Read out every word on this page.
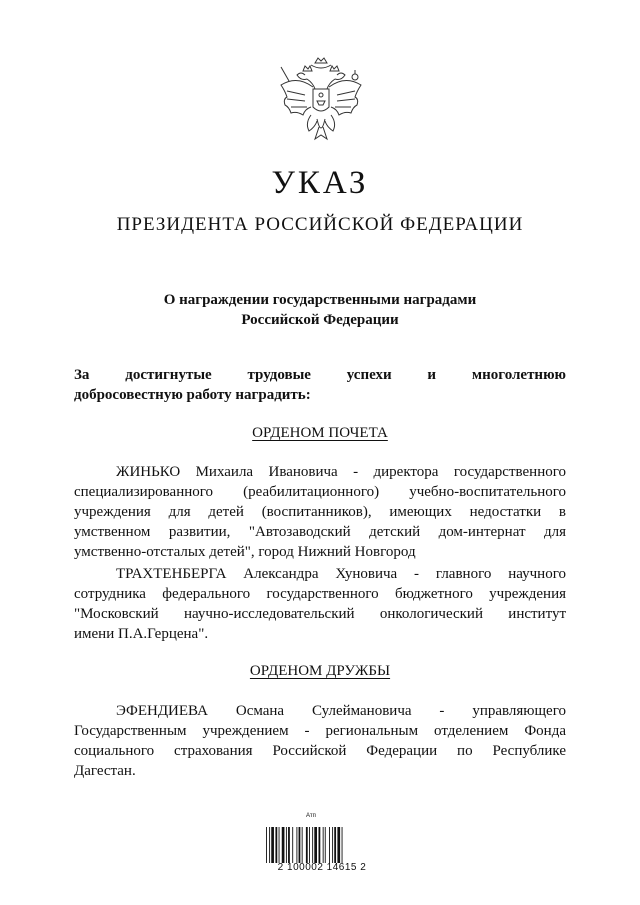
УКАЗ
ПРЕЗИДЕНТА РОССИЙСКОЙ ФЕДЕРАЦИИ
О награждении государственными наградами
Российской Федерации
За достигнутые трудовые успехи и многолетнюю
добросовестную работу наградить:
ОРДЕНОМ ПОЧЕТА
ЖИНЬКО Михаила Ивановича - директора государственного
специализированного (реабилитационного) учебно-воспитательного
учреждения для детей (воспитанников), имеющих недостатки в
умственном развитии, "Автозаводский детский дом-интернат для
умственно-отсталых детей", город Нижний Новгород
ТРАХТЕНБЕРГА Александра Хуновича - главного научного
сотрудника федерального государственного бюджетного учреждения
"Московский научно-исследовательский онкологический институт
имени П.А.Герцена".
ОРДЕНОМ ДРУЖБЫ
ЭФЕНДИЕВА Османа Сулеймановича - управляющего
Государственным учреждением - региональным отделением Фонда
социального страхования Российской Федерации по Республике
Дагестан.
Атп
2 100002 14615 2
